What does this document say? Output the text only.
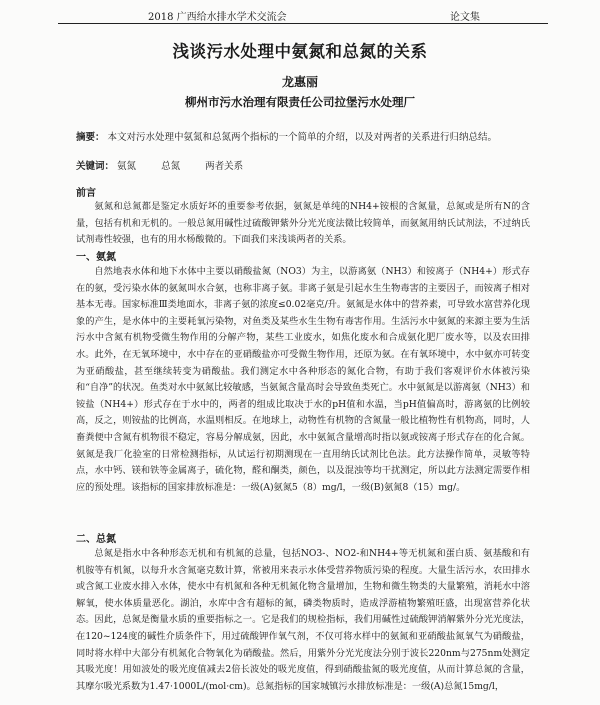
2018 广西给水排水学术交流会	论文集
浅谈污水处理中氨氮和总氮的关系
龙惠丽
柳州市污水治理有限责任公司拉堡污水处理厂
摘要： 本文对污水处理中氨氮和总氮两个指标的一个简单的介绍，以及对两者的关系进行归纳总结。
关键词： 氨氮	总氮	两者关系
前言

氨氮和总氮都是鉴定水质好坏的重要参考依据，氨氮是单纯的NH4+铵根的含氮量，总氮或是所有N的含量，包括有机和无机的。一般总氮用碱性过硫酸钾紫外分光光度法微比较简单，而氨氮用纳氏试剂法，不过纳氏试剂毒性较强，也有的用水杨酸微的。下面我们来浅谈两者的关系。

一、氨氮

自然地表水体和地下水体中主要以硝酸盐氮（NO3）为主，以游离氨（NH3）和铵离子（NH4+）形式存在的氨，受污染水体的氨氮叫水合氨，也称非离子氨。非离子氨是引起水生生物毒害的主要因子，而铵离子相对基本无毒。国家标准Ⅲ类地面水，非离子氨的浓度≤0.02毫克/升。氨氮是水体中的营养素，可导致水富营养化现象的产生，是水体中的主要耗氧污染物，对鱼类及某些水生生物有毒害作用。生活污水中氨氮的来源主要为生活污水中含氮有机物受微生物作用的分解产物，某些工业废水，如焦化废水和合成氨化肥厂废水等，以及农田排水。此外，在无氧环境中，水中存在的亚硝酸盐亦可受微生物作用，还原为氨。在有氧环境中，水中氨亦可转变为亚硝酸盐，甚至继续转变为硝酸盐。我们测定水中各种形态的氮化合物，有助于我们客观评价水体被污染和“自净”的状况。鱼类对水中氨氮比较敏感，当氨氮含量高时会导致鱼类死亡。水中氨氮是以游离氨（NH3）和铵盐（NH4+）形式存在于水中的，两者的组成比取决于水的pH值和水温，当pH值偏高时，游离氨的比例较高，反之，则铵盐的比例高，水温则相反。在地球上，动物性有机物的含氮量一般比植物性有机物高，同时，人畜粪便中含氮有机物很不稳定，容易分解成氨，因此，水中氨氮含量增高时指以氨或铵离子形式存在的化合氮。氨氮是我厂化验室的日常检测指标，从试运行初期测现在一直用纳氏试剂比色法。此方法操作简单，灵敏等特点，水中钙、镁和铁等金属离子，硫化物，醛和酮类，颜色，以及混浊等均干扰测定，所以此方法测定需要作相应的预处理。该指标的国家排放标准是：一级(A)氨氮5（8）mg/l，一级(B)氨氮8（15）mg/。

二、总氮

总氮是指水中各种形态无机和有机氮的总量，包括NO3-、NO2-和NH4+等无机氮和蛋白质、氨基酸和有机胺等有机氮，以每升水含氮毫克数计算，常被用来表示水体受营养物质污染的程度。大量生活污水，农田排水或含氮工业废水排入水体，使水中有机氮和各种无机氮化物含量增加，生物和微生物类的大量繁殖，消耗水中溶解氧，使水体质量恶化。湖泊，水库中含有超标的氮，磷类物质时，造成浮游植物繁殖旺盛，出现富营养化状态。因此，总氮是衡量水质的重要指标之一。它是我们的规检指标，我们用碱性过硫酸钾消解紫外分光光度法，在120~124度的碱性介质条件下，用过硫酸钾作氧气剂，不仅可将水样中的氨氮和亚硝酸盐氮氧气为硝酸盐，同时将水样中大部分有机氮化合物氧化为硝酸盐。然后，用紫外分光光度法分别于波长220nm与275nm处测定其吸光度！用如波处的吸光度值减去2倍长波处的吸光度值，得到硝酸盐氮的吸光度值，从而计算总氮的含量，其摩尔吸光系数为1.47·1000L/(mol·cm)。总氮指标的国家城镇污水排放标准是：一级(A)总氮15mg/l，
